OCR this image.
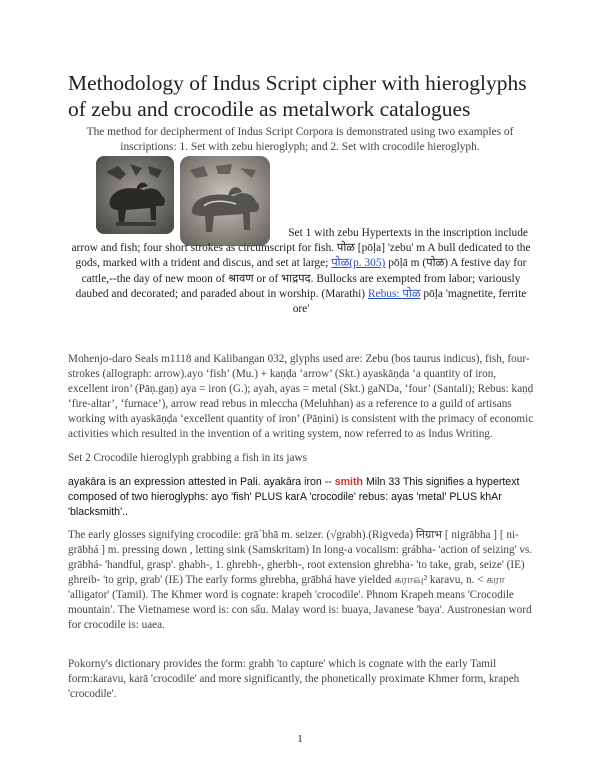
Methodology of Indus Script cipher with hieroglyphs of zebu and crocodile as metalwork catalogues

The method for decipherment of Indus Script Corpora is demonstrated using two examples of inscriptions: 1. Set with zebu hieroglyph; and 2. Set with crocodile hieroglyph.

Set 1 with zebu Hypertexts in the inscription include
arrow and fish; four short strokes as circumscript for fish. पोळ [pōḷa] 'zebu' m A bull dedicated to the gods, marked with a trident and discus, and set at large; पोळ(p. 305) pōḷā m (पोळ) A festive day for cattle,--the day of new moon of श्रावण or of भाद्रपद. Bullocks are exempted from labor; variously daubed and decorated; and paraded about in worship. (Marathi) Rebus: पोळ pōḷa 'magnetite, ferrite ore'

Mohenjo-daro Seals m1118 and Kalibangan 032, glyphs used are: Zebu (bos taurus indicus), fish, four-strokes (allograph: arrow).ayo ‘fish’ (Mu.) + kaṇḍa ‘arrow’ (Skt.) ayaskāṇḍa ‘a quantity of iron, excellent iron’ (Pāṇ.gaṇ) aya = iron (G.); ayah, ayas = metal (Skt.) gaNDa, ‘four’ (Santali); Rebus: kaṇḍ ‘fire-altar’, ‘furnace’), arrow read rebus in mleccha (Meluhhan) as a reference to a guild of artisans working with ayaskāṇḍa ‘excellent quantity of iron’ (Pāṇini) is consistent with the primacy of economic activities which resulted in the invention of a writing system, now referred to as Indus Writing.

Set 2 Crocodile hieroglyph grabbing a fish in its jaws

ayakāra is an expression attested in Pali. ayakāra iron -- smith Miln 33 This signifies a hypertext composed of two hieroglyphs: ayo 'fish' PLUS karA 'crocodile' rebus: ayas 'metal' PLUS khAr 'blacksmith'..

The early glosses signifying crocodile: grāˊbhā m. seizer. (√grabh).(Rigveda) निग्राभ [ nigrābha ] [ ni-grābhá ] m. pressing down , letting sink (Samskritam) In long-a vocalism: grábha- 'action of seizing' vs. grābhá- 'handful, grasp'. ghabh-, 1. ghrebh-, gherbh-, root extension ghrebha- 'to take, grab, seize' (IE) ghreib- 'to grip, grab' (IE) The early forms ghrebha, grābhá have yielded கராவு² karavu, n. < கரா 'alligator' (Tamil). The Khmer word is cognate: krapeh 'crocodile'. Phnom Krapeh means 'Crocodile mountain'. The Vietnamese word is: con sấu. Malay word is: buaya, Javanese 'baya'. Austronesian word for crocodile is: uaea.

Pokorny's dictionary provides the form: grabh 'to capture' which is cognate with the early Tamil form:karavu, karā 'crocodile' and more significantly, the phonetically proximate Khmer form, krapeh 'crocodile'.

1
